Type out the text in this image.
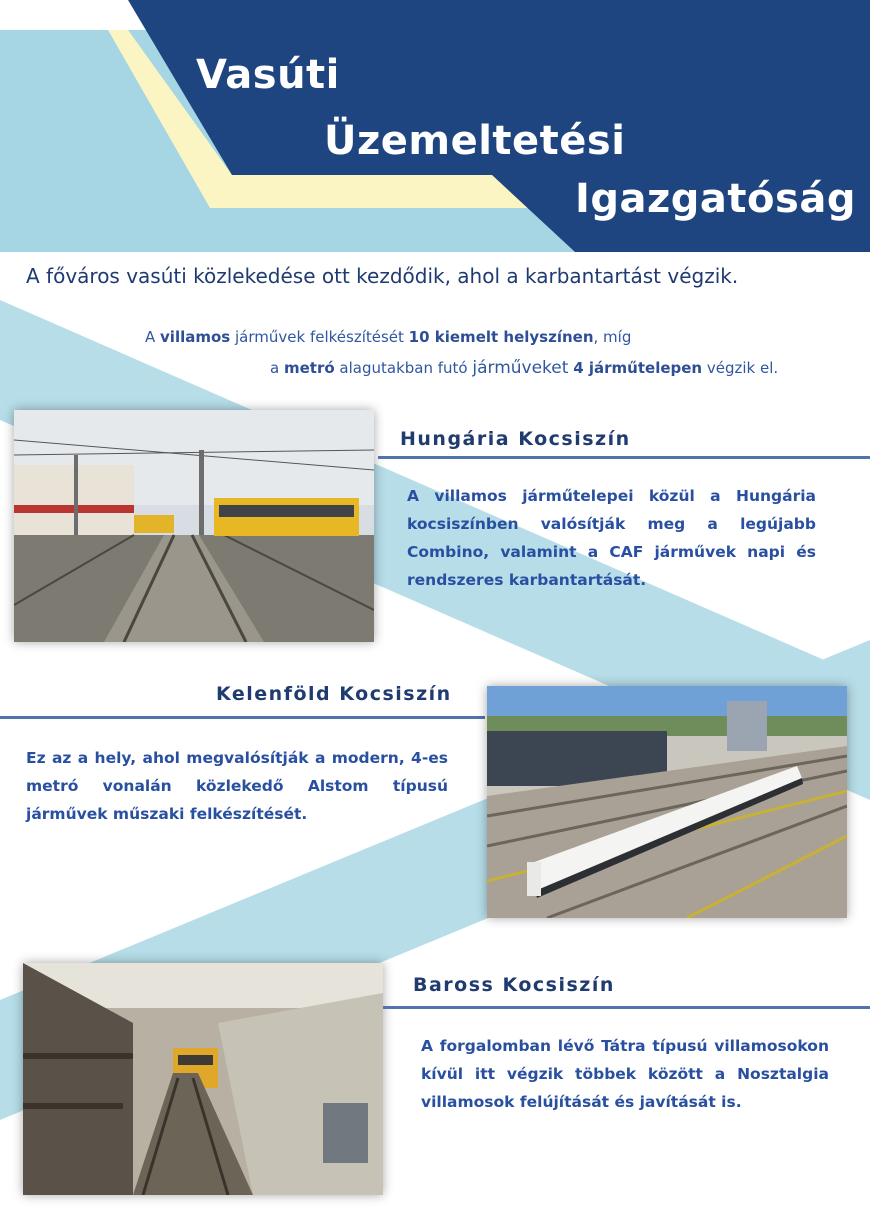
Vasúti
Üzemeltetési
Igazgatóság
A főváros vasúti közlekedése ott kezdődik, ahol a karbantartást végzik.
A villamos járművek felkészítését 10 kiemelt helyszínen, míg
a metró alagutakban futó járműveket 4 járműtelepen végzik el.
Hungária Kocsiszín
A villamos járműtelepei közül a Hungária kocsiszínben valósítják meg a legújabb Combino, valamint a CAF járművek napi és rendszeres karbantartását.
Kelenföld Kocsiszín
Ez az a hely, ahol megvalósítják a modern, 4-es metró vonalán közlekedő Alstom típusú járművek műszaki felkészítését.
Baross Kocsiszín
A forgalomban lévő Tátra típusú villamosokon kívül itt végzik többek között a Nosztalgia villamosok felújítását és javítását is.
